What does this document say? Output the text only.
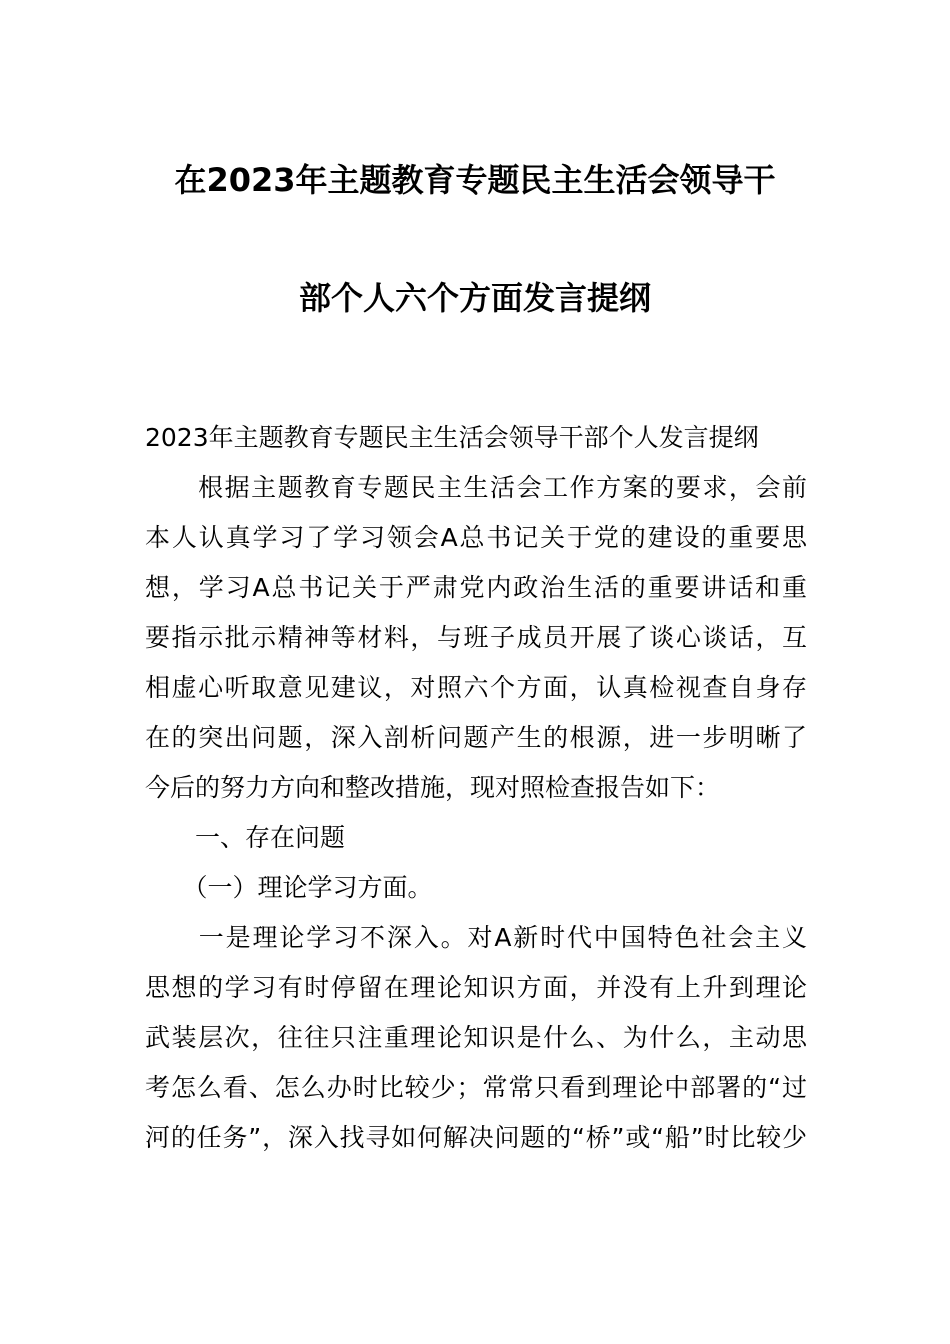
在2023年主题教育专题民主生活会领导干
部个人六个方面发言提纲
2023年主题教育专题民主生活会领导干部个人发言提纲
　　根据主题教育专题民主生活会工作方案的要求，会前
本人认真学习了学习领会A总书记关于党的建设的重要思
想，学习A总书记关于严肃党内政治生活的重要讲话和重
要指示批示精神等材料，与班子成员开展了谈心谈话，互
相虚心听取意见建议，对照六个方面，认真检视查自身存
在的突出问题，深入剖析问题产生的根源，进一步明晰了
今后的努力方向和整改措施，现对照检查报告如下：
　　一、存在问题
　　（一）理论学习方面。
　　一是理论学习不深入。对A新时代中国特色社会主义
思想的学习有时停留在理论知识方面，并没有上升到理论
武装层次，往往只注重理论知识是什么、为什么，主动思
考怎么看、怎么办时比较少；常常只看到理论中部署的“过
河的任务”，深入找寻如何解决问题的“桥”或“船”时比较少
